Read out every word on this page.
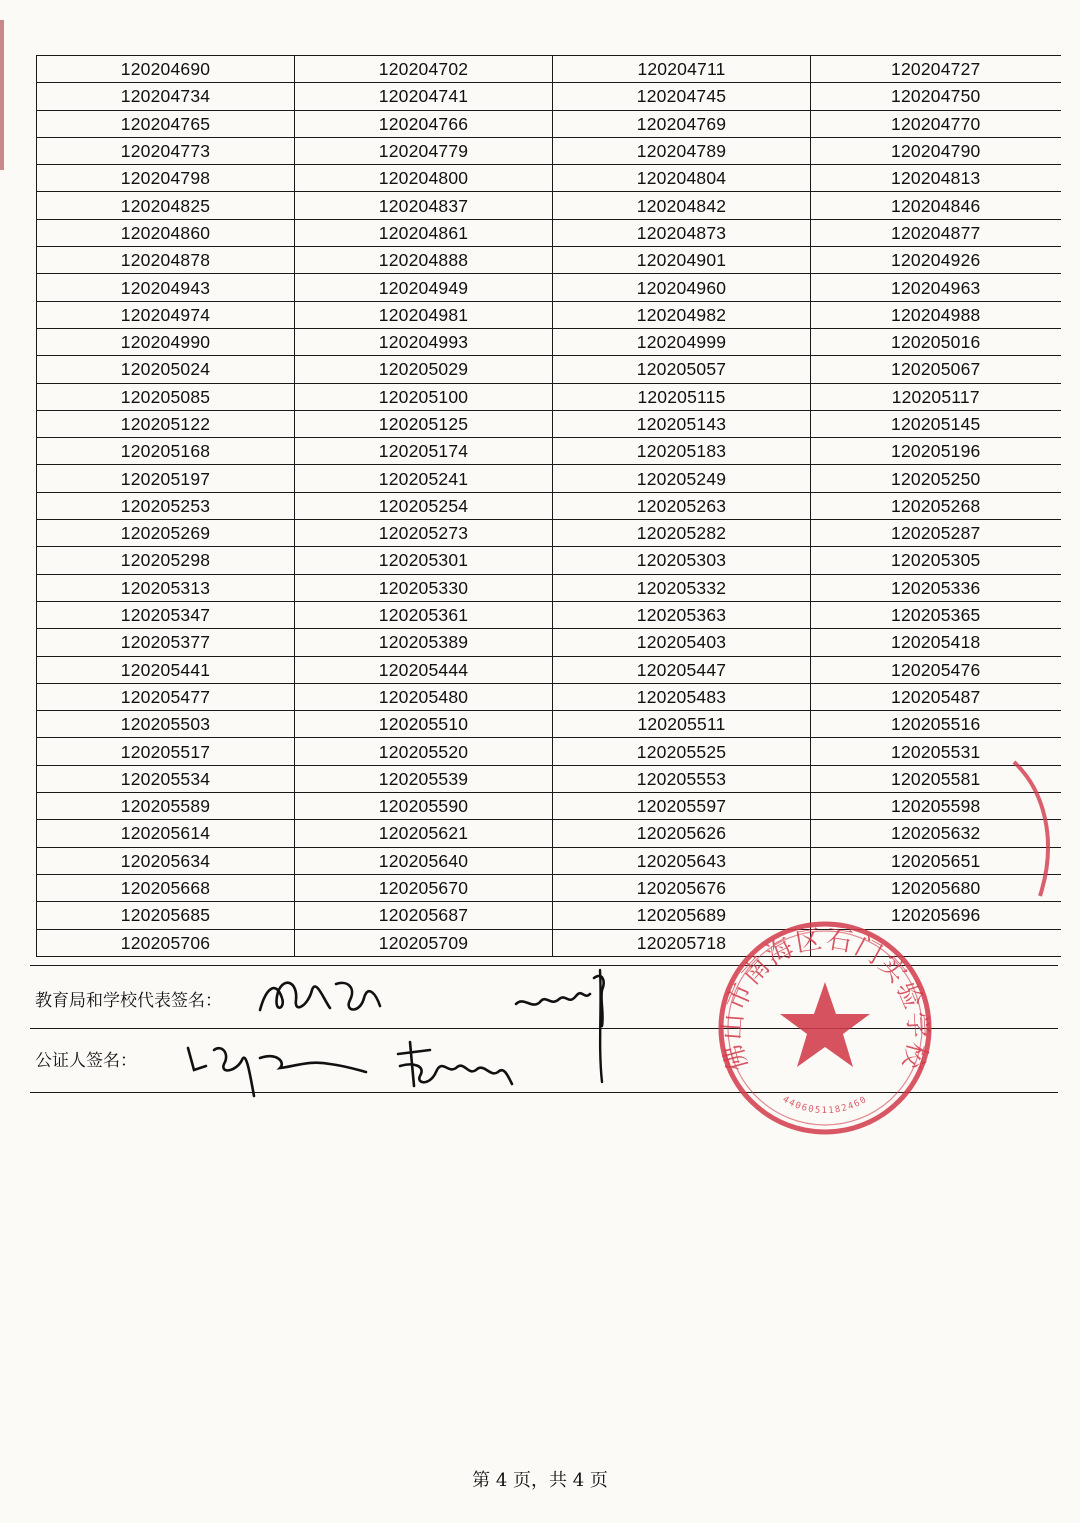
120204690	120204702	120204711	120204727
120204734	120204741	120204745	120204750
120204765	120204766	120204769	120204770
120204773	120204779	120204789	120204790
120204798	120204800	120204804	120204813
120204825	120204837	120204842	120204846
120204860	120204861	120204873	120204877
120204878	120204888	120204901	120204926
120204943	120204949	120204960	120204963
120204974	120204981	120204982	120204988
120204990	120204993	120204999	120205016
120205024	120205029	120205057	120205067
120205085	120205100	120205115	120205117
120205122	120205125	120205143	120205145
120205168	120205174	120205183	120205196
120205197	120205241	120205249	120205250
120205253	120205254	120205263	120205268
120205269	120205273	120205282	120205287
120205298	120205301	120205303	120205305
120205313	120205330	120205332	120205336
120205347	120205361	120205363	120205365
120205377	120205389	120205403	120205418
120205441	120205444	120205447	120205476
120205477	120205480	120205483	120205487
120205503	120205510	120205511	120205516
120205517	120205520	120205525	120205531
120205534	120205539	120205553	120205581
120205589	120205590	120205597	120205598
120205614	120205621	120205626	120205632
120205634	120205640	120205643	120205651
120205668	120205670	120205676	120205680
120205685	120205687	120205689	120205696
120205706	120205709	120205718	
教育局和学校代表签名：
公证人签名：	佛山市南海区石门实验学校
4406051182460
第 4 页，共 4 页
